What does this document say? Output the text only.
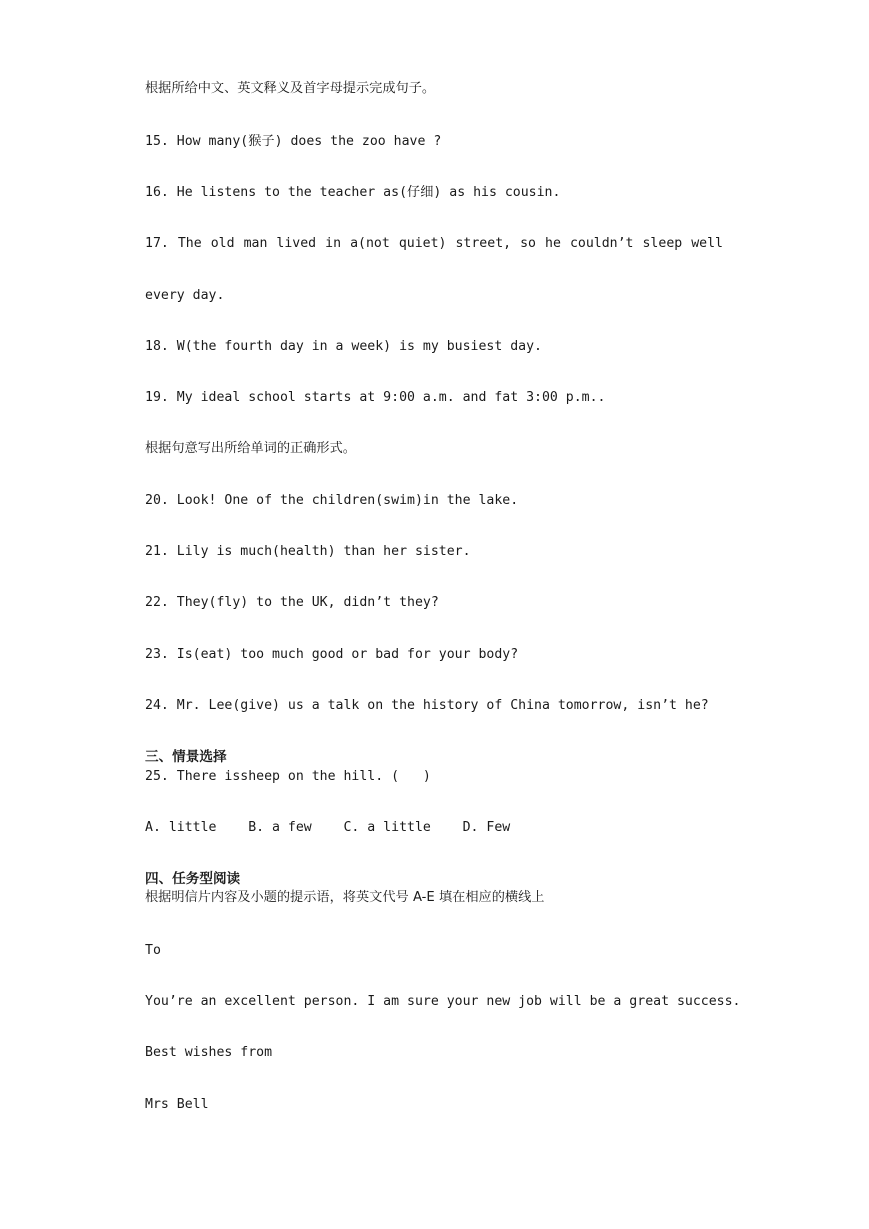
根据所给中文、英文释义及首字母提示完成句子。
15. How many(猴子) does the zoo have ?
16. He listens to the teacher as(仔细) as his cousin.
17. The old man lived in a(not quiet) street, so he couldn’t sleep well
every day.
18. W(the fourth day in a week) is my busiest day.
19. My ideal school starts at 9:00 a.m. and fat 3:00 p.m..
根据句意写出所给单词的正确形式。
20. Look! One of the children(swim)in the lake.
21. Lily is much(health) than her sister.
22. They(fly) to the UK, didn’t they?
23. Is(eat) too much good or bad for your body?
24. Mr. Lee(give) us a talk on the history of China tomorrow, isn’t he?
三、情景选择
25. There issheep on the hill. (   )
A. little    B. a few    C. a little    D. Few
四、任务型阅读
根据明信片内容及小题的提示语，将英文代号 A-E 填在相应的横线上
To
You’re an excellent person. I am sure your new job will be a great success.
Best wishes from
Mrs Bell
